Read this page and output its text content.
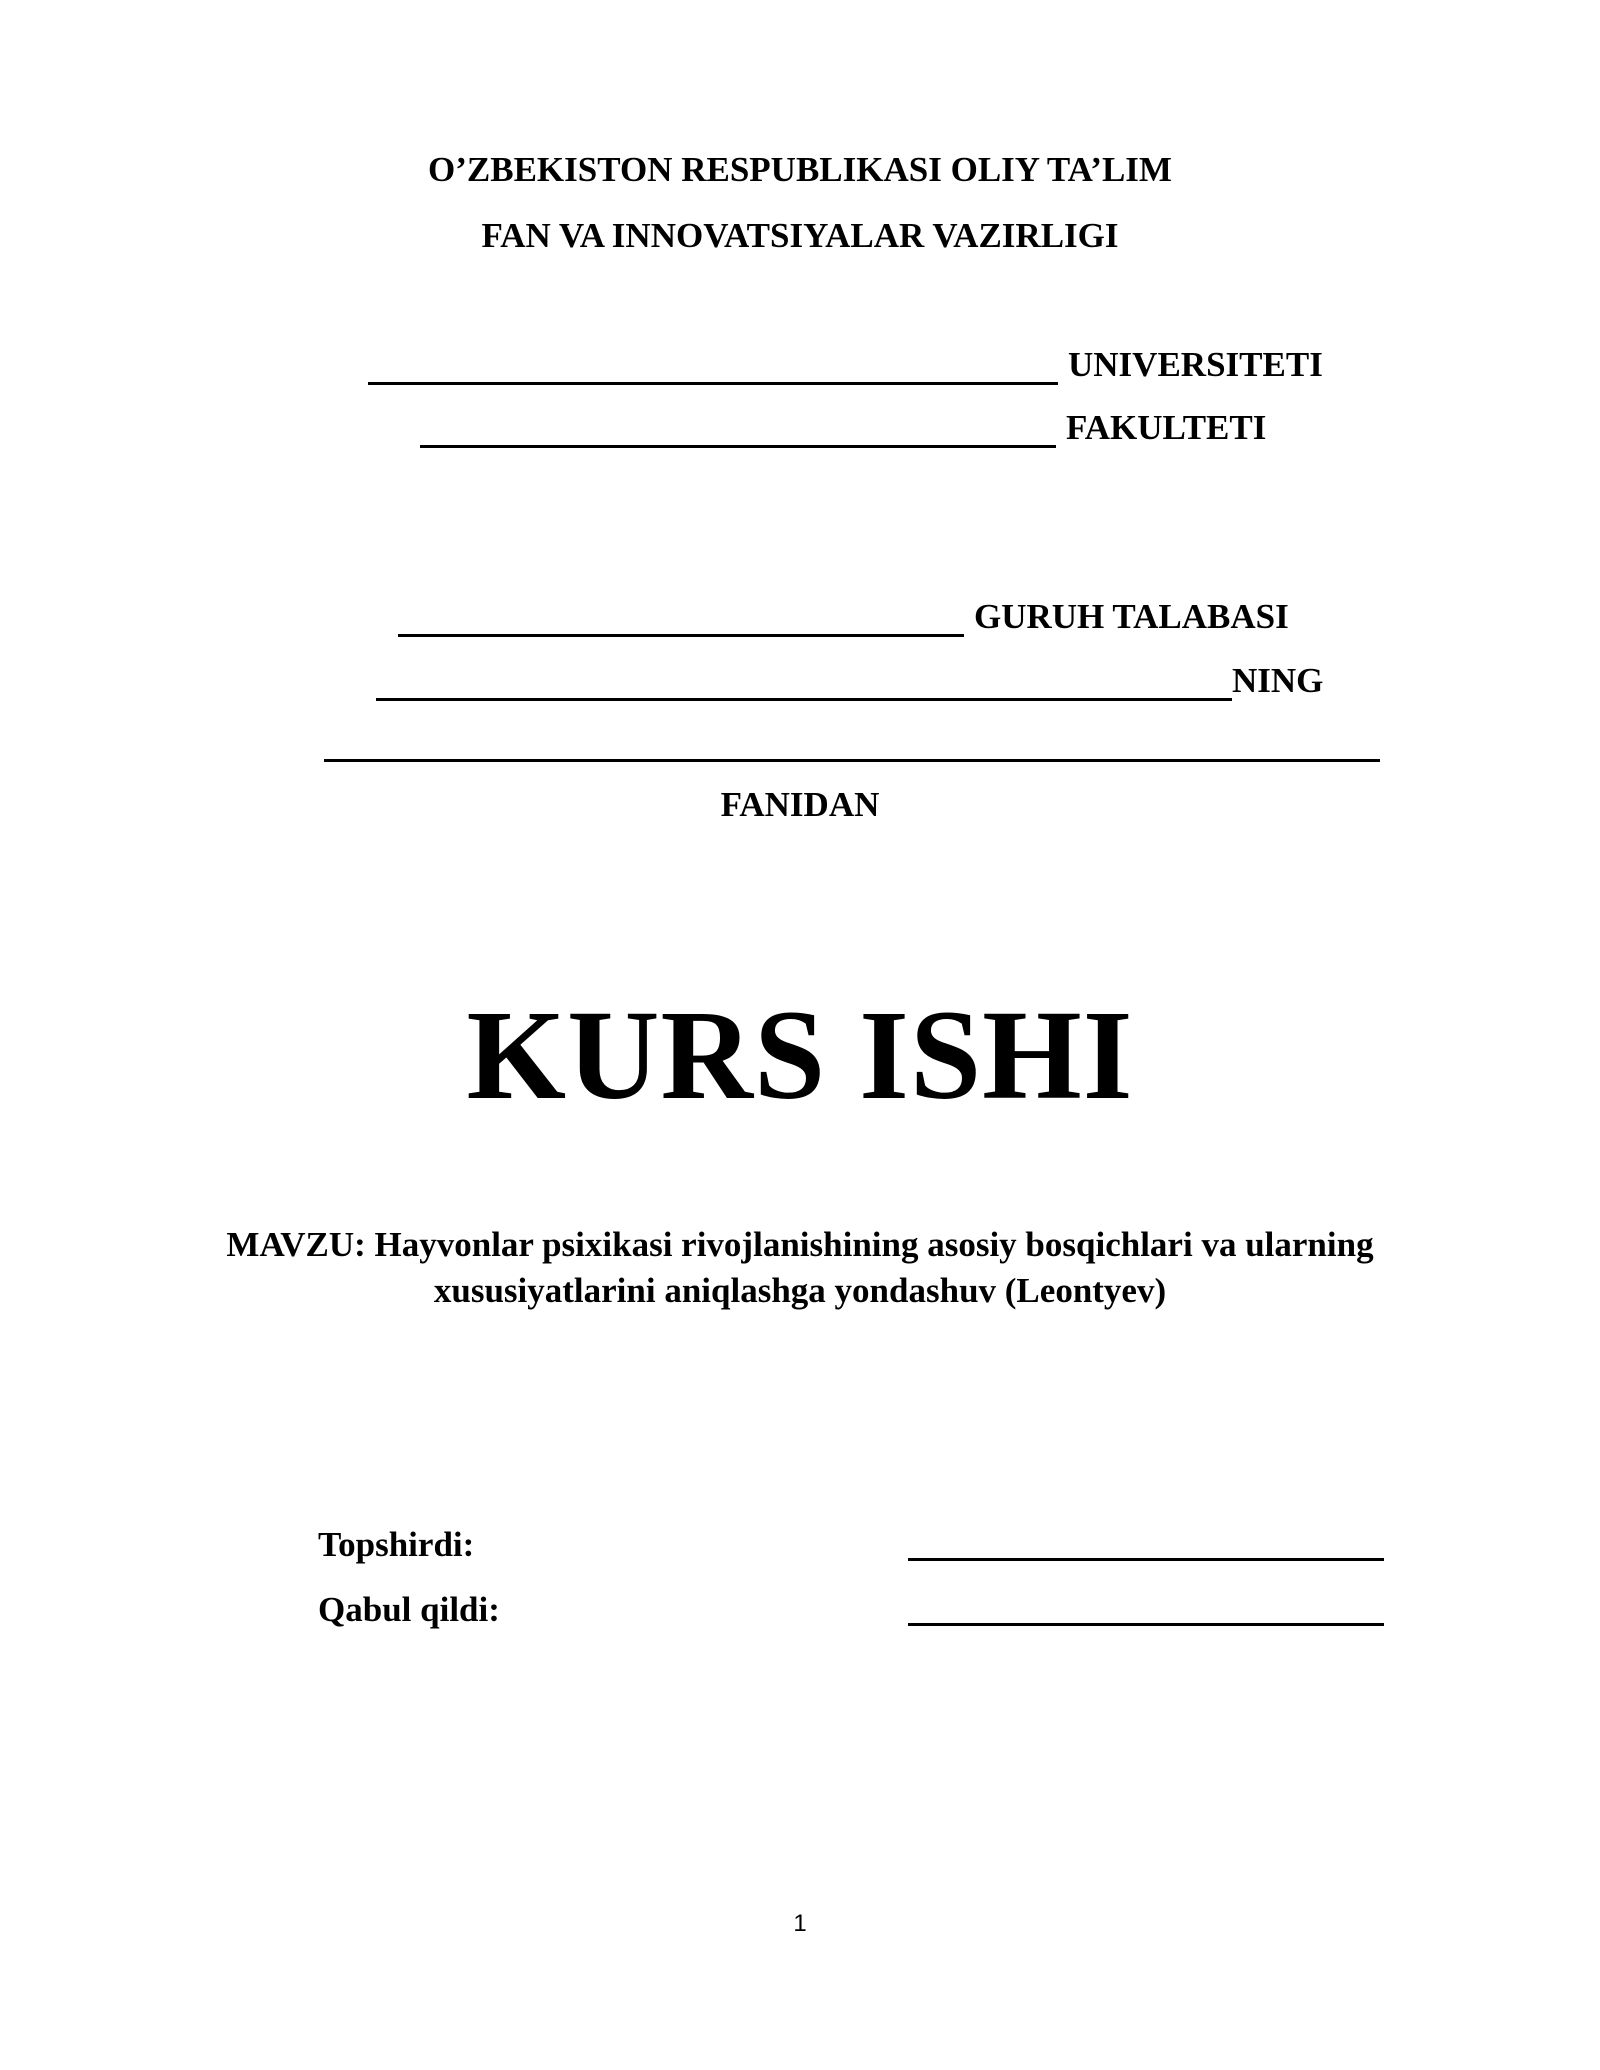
O’ZBEKISTON RESPUBLIKASI OLIY TA’LIM
FAN VA INNOVATSIYALAR VAZIRLIGI
UNIVERSITETI
FAKULTETI
GURUH TALABASI
NING
FANIDAN
KURS ISHI
MAVZU: Hayvonlar psixikasi rivojlanishining asosiy bosqichlari va ularning
xususiyatlarini aniqlashga yondashuv (Leontyev)
Topshirdi:
Qabul qildi:
1
